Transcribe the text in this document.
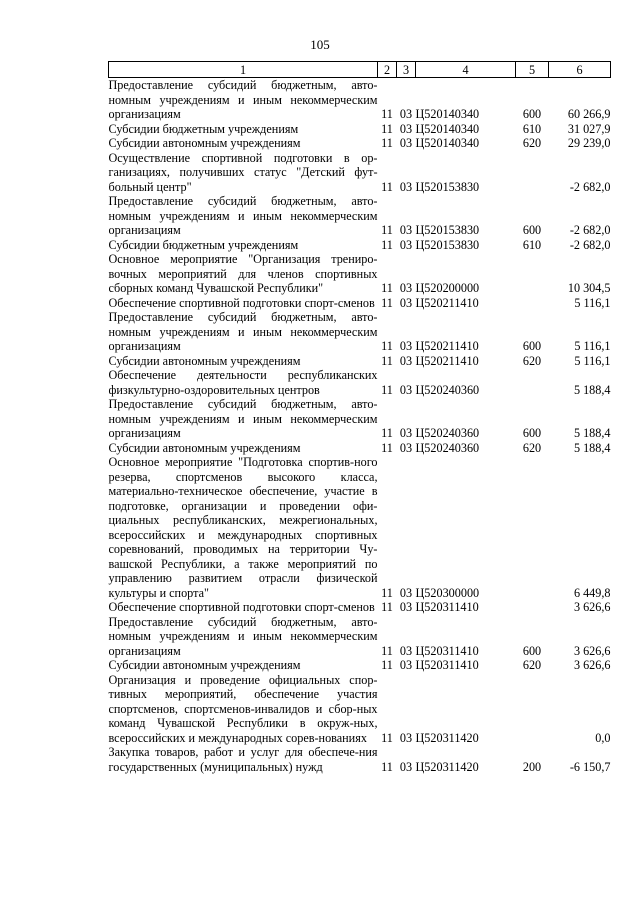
105
1	2	3	4	5	6
Предоставление субсидий бюджетным, авто-номным учреждениям и иным некоммерческим организациям	11	03	Ц520140340	600	60 266,9
Субсидии бюджетным учреждениям	11	03	Ц520140340	610	31 027,9
Субсидии автономным учреждениям	11	03	Ц520140340	620	29 239,0
Осуществление спортивной подготовки в ор-ганизациях, получивших статус "Детский фут-больный центр"	11	03	Ц520153830		-2 682,0
Предоставление субсидий бюджетным, авто-номным учреждениям и иным некоммерческим организациям	11	03	Ц520153830	600	-2 682,0
Субсидии бюджетным учреждениям	11	03	Ц520153830	610	-2 682,0
Основное мероприятие "Организация трениро-вочных мероприятий для членов спортивных сборных команд Чувашской Республики"	11	03	Ц520200000		10 304,5
Обеспечение спортивной подготовки спорт-сменов	11	03	Ц520211410		5 116,1
Предоставление субсидий бюджетным, авто-номным учреждениям и иным некоммерческим организациям	11	03	Ц520211410	600	5 116,1
Субсидии автономным учреждениям	11	03	Ц520211410	620	5 116,1
Обеспечение деятельности республиканских физкультурно-оздоровительных центров	11	03	Ц520240360		5 188,4
Предоставление субсидий бюджетным, авто-номным учреждениям и иным некоммерческим организациям	11	03	Ц520240360	600	5 188,4
Субсидии автономным учреждениям	11	03	Ц520240360	620	5 188,4
Основное мероприятие "Подготовка спортив-ного резерва, спортсменов высокого класса, материально-техническое обеспечение, участие в подготовке, организации и проведении офи-циальных республиканских, межрегиональных, всероссийских и международных спортивных соревнований, проводимых на территории Чу-вашской Республики, а также мероприятий по управлению развитием отрасли физической культуры и спорта"	11	03	Ц520300000		6 449,8
Обеспечение спортивной подготовки спорт-сменов	11	03	Ц520311410		3 626,6
Предоставление субсидий бюджетным, авто-номным учреждениям и иным некоммерческим организациям	11	03	Ц520311410	600	3 626,6
Субсидии автономным учреждениям	11	03	Ц520311410	620	3 626,6
Организация и проведение официальных спор-тивных мероприятий, обеспечение участия спортсменов, спортсменов-инвалидов и сбор-ных команд Чувашской Республики в окруж-ных, всероссийских и международных сорев-нованиях	11	03	Ц520311420		0,0
Закупка товаров, работ и услуг для обеспече-ния государственных (муниципальных) нужд	11	03	Ц520311420	200	-6 150,7
